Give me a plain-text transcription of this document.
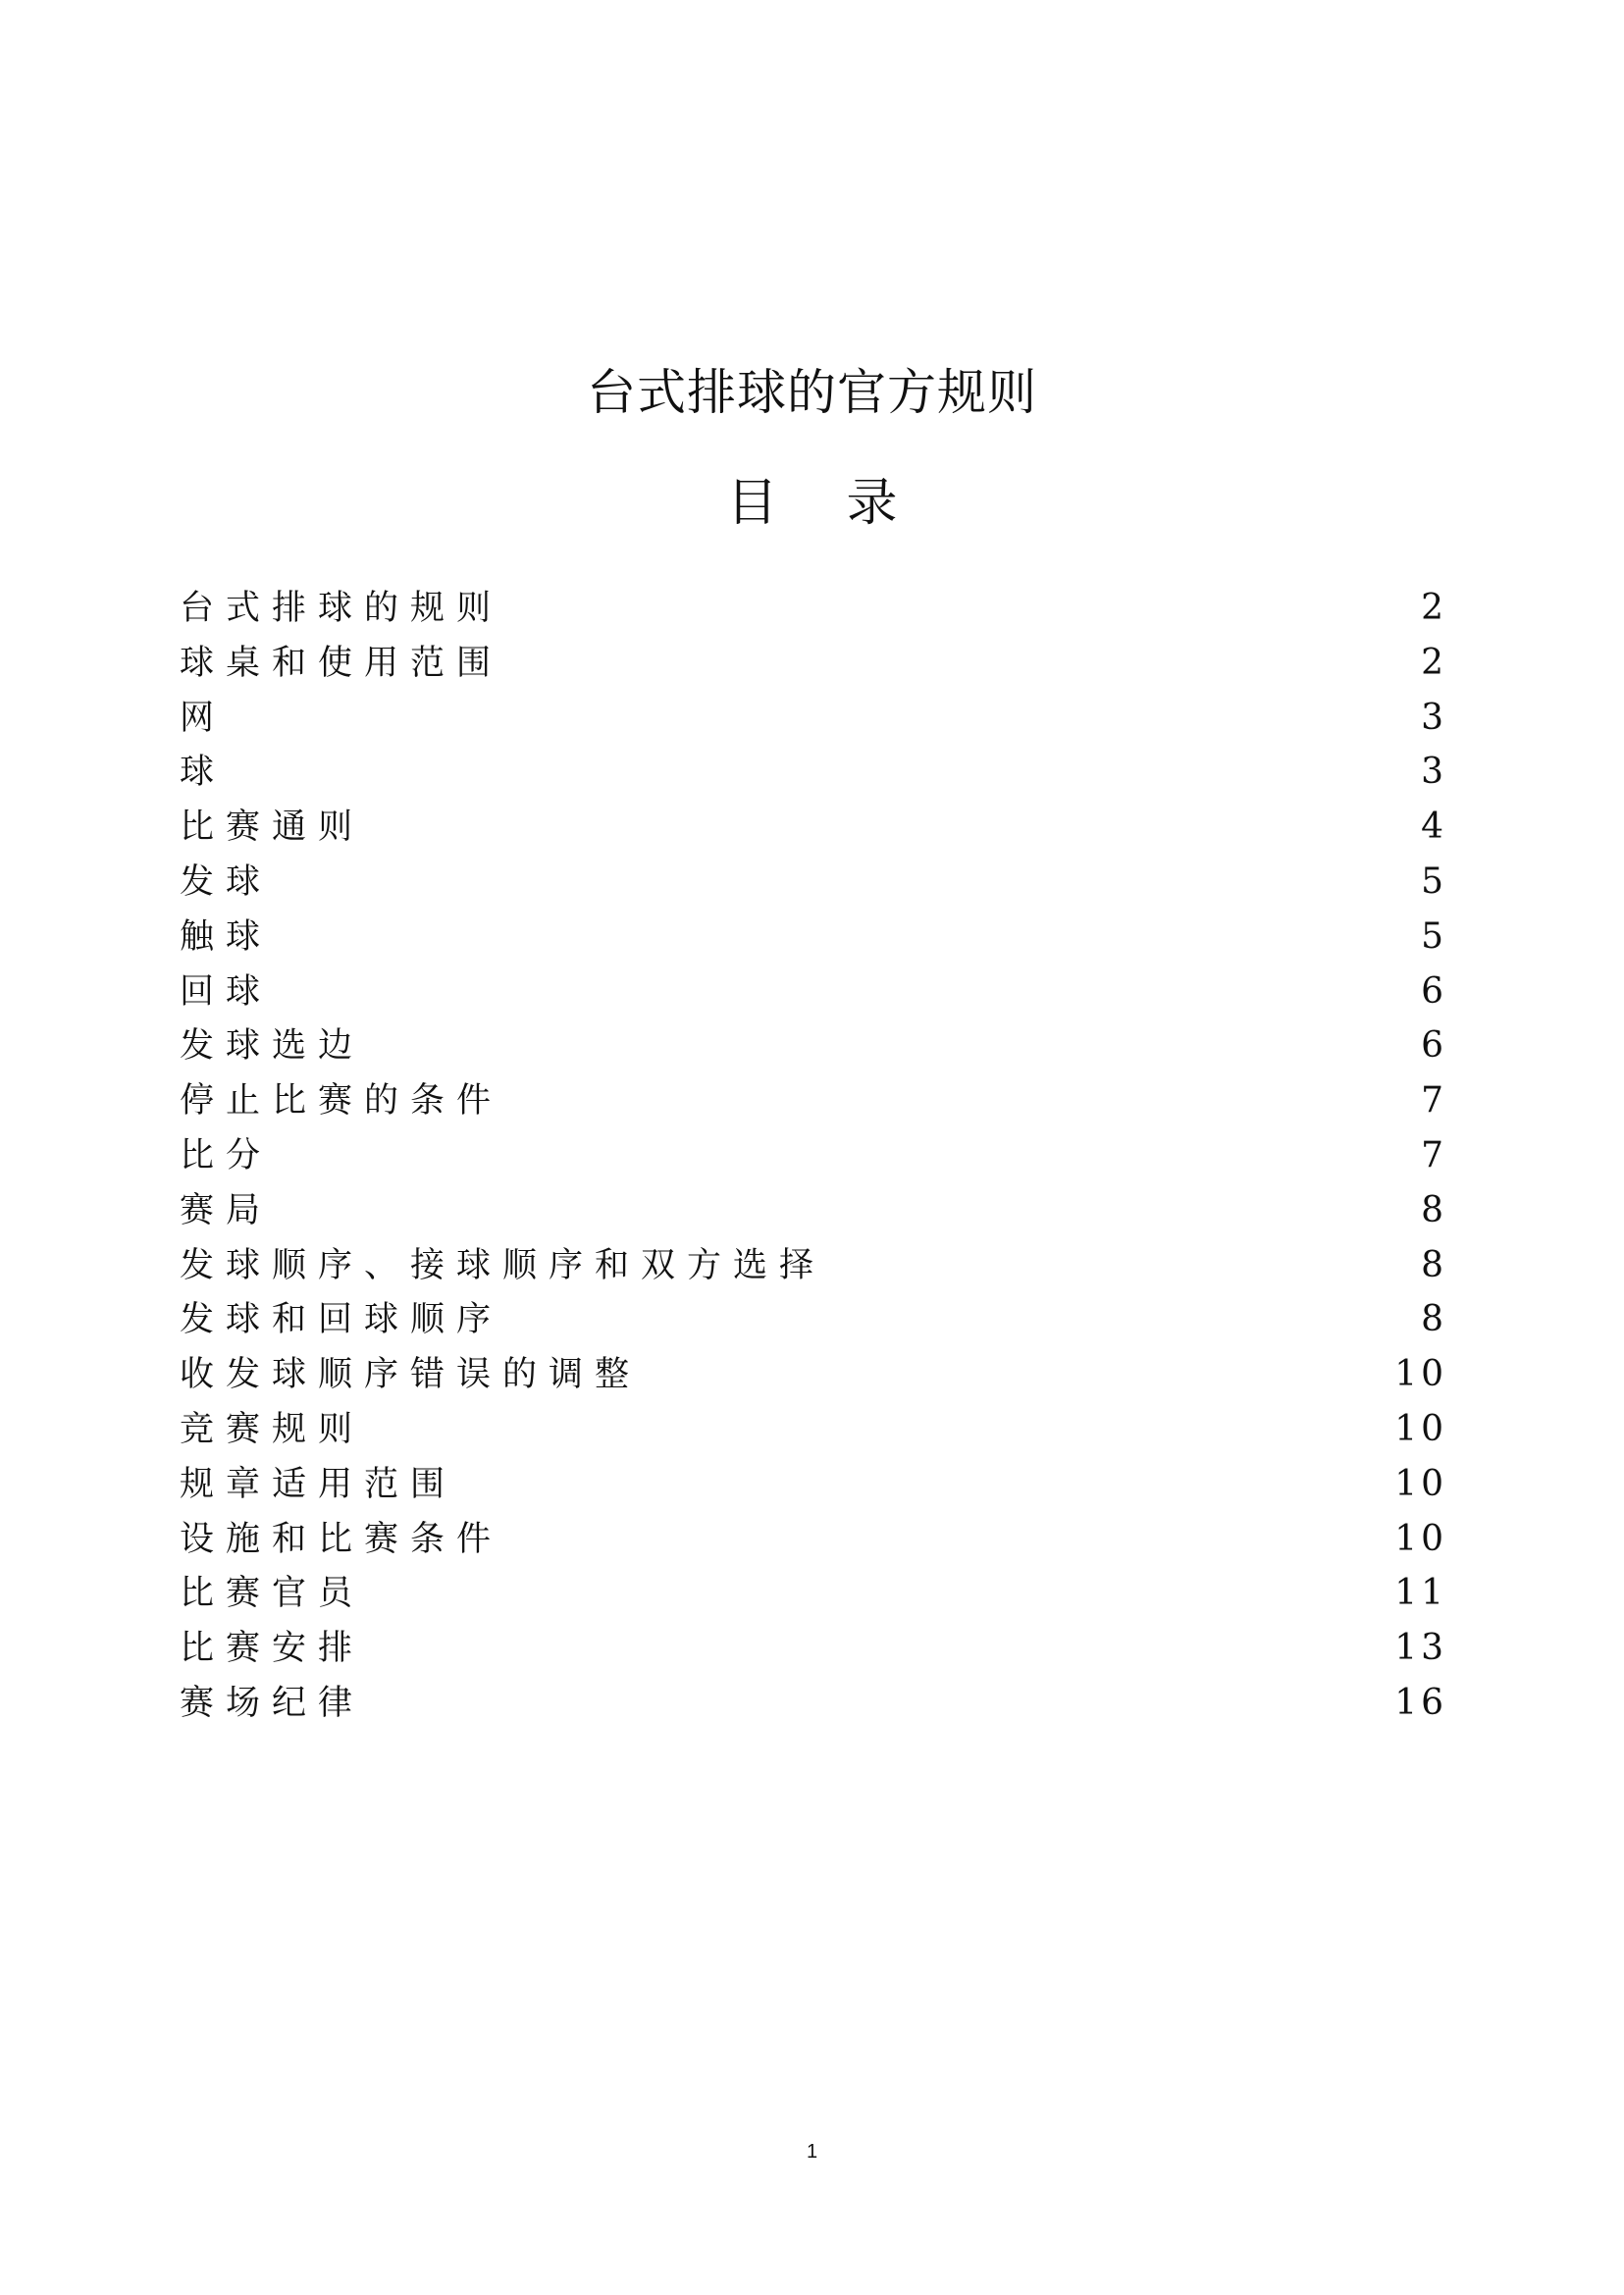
台式排球的官方规则
目 录
台式排球的规则	2
球桌和使用范围	2
网	3
球	3
比赛通则	4
发球	5
触球	5
回球	6
发球选边	6
停止比赛的条件	7
比分	7
赛局	8
发球顺序、接球顺序和双方选择	8
发球和回球顺序	8
收发球顺序错误的调整	10
竞赛规则	10
规章适用范围	10
设施和比赛条件	10
比赛官员	11
比赛安排	13
赛场纪律	16
1
